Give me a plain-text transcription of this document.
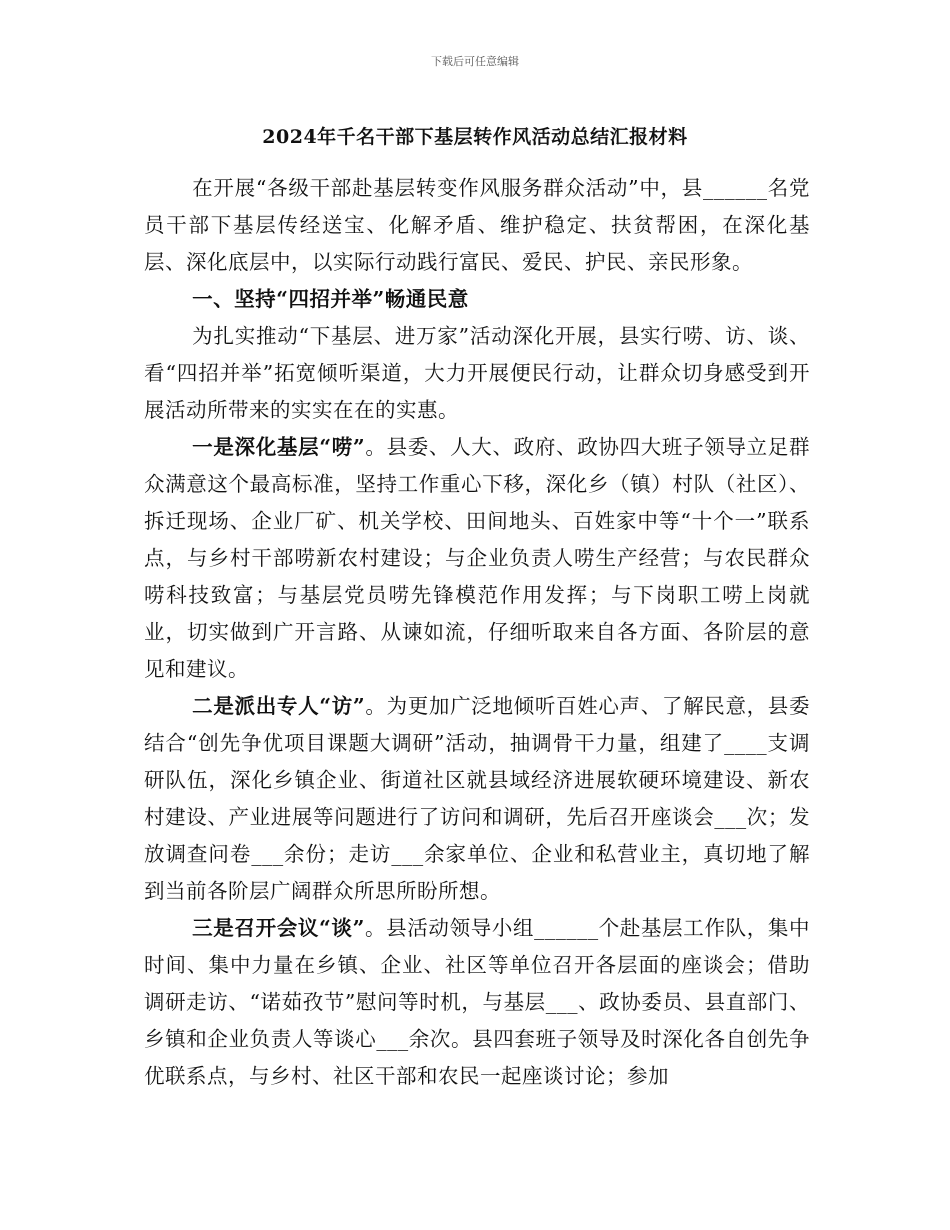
下载后可任意编辑
2024年千名干部下基层转作风活动总结汇报材料

在开展“各级干部赴基层转变作风服务群众活动”中，县______名党员干部下基层传经送宝、化解矛盾、维护稳定、扶贫帮困，在深化基层、深化底层中，以实际行动践行富民、爱民、护民、亲民形象。

一、坚持“四招并举”畅通民意

为扎实推动“下基层、进万家”活动深化开展，县实行唠、访、谈、看“四招并举”拓宽倾听渠道，大力开展便民行动，让群众切身感受到开展活动所带来的实实在在的实惠。

一是深化基层“唠”。县委、人大、政府、政协四大班子领导立足群众满意这个最高标准，坚持工作重心下移，深化乡（镇）村队（社区）、拆迁现场、企业厂矿、机关学校、田间地头、百姓家中等“十个一”联系点，与乡村干部唠新农村建设；与企业负责人唠生产经营；与农民群众唠科技致富；与基层党员唠先锋模范作用发挥；与下岗职工唠上岗就业，切实做到广开言路、从谏如流，仔细听取来自各方面、各阶层的意见和建议。

二是派出专人“访”。为更加广泛地倾听百姓心声、了解民意，县委结合“创先争优项目课题大调研”活动，抽调骨干力量，组建了____支调研队伍，深化乡镇企业、街道社区就县域经济进展软硬环境建设、新农村建设、产业进展等问题进行了访问和调研，先后召开座谈会___次；发放调查问卷___余份；走访___余家单位、企业和私营业主，真切地了解到当前各阶层广阔群众所思所盼所想。

三是召开会议“谈”。县活动领导小组______个赴基层工作队，集中时间、集中力量在乡镇、企业、社区等单位召开各层面的座谈会；借助调研走访、“诺茹孜节”慰问等时机，与基层___、政协委员、县直部门、乡镇和企业负责人等谈心___余次。县四套班子领导及时深化各自创先争优联系点，与乡村、社区干部和农民一起座谈讨论；参加
